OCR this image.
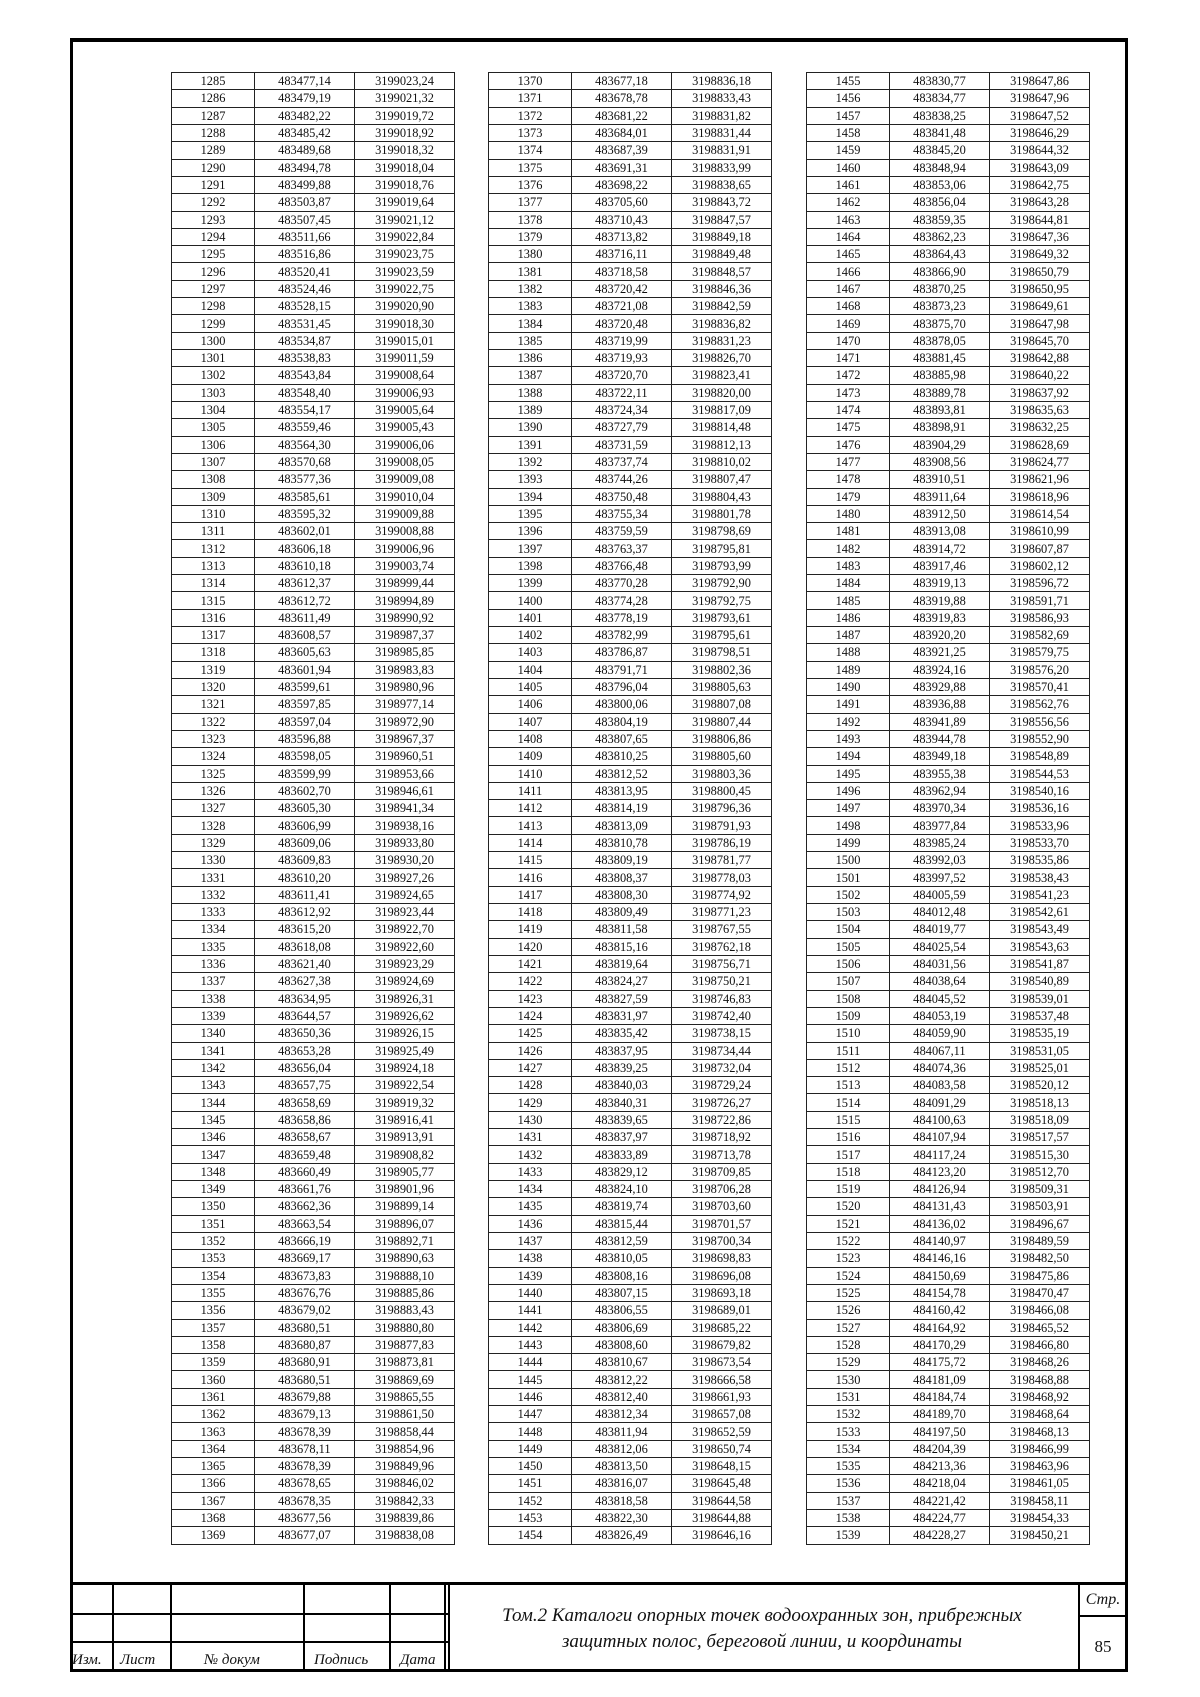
1285	483477,14	3199023,24
1286	483479,19	3199021,32
1287	483482,22	3199019,72
1288	483485,42	3199018,92
1289	483489,68	3199018,32
1290	483494,78	3199018,04
1291	483499,88	3199018,76
1292	483503,87	3199019,64
1293	483507,45	3199021,12
1294	483511,66	3199022,84
1295	483516,86	3199023,75
1296	483520,41	3199023,59
1297	483524,46	3199022,75
1298	483528,15	3199020,90
1299	483531,45	3199018,30
1300	483534,87	3199015,01
1301	483538,83	3199011,59
1302	483543,84	3199008,64
1303	483548,40	3199006,93
1304	483554,17	3199005,64
1305	483559,46	3199005,43
1306	483564,30	3199006,06
1307	483570,68	3199008,05
1308	483577,36	3199009,08
1309	483585,61	3199010,04
1310	483595,32	3199009,88
1311	483602,01	3199008,88
1312	483606,18	3199006,96
1313	483610,18	3199003,74
1314	483612,37	3198999,44
1315	483612,72	3198994,89
1316	483611,49	3198990,92
1317	483608,57	3198987,37
1318	483605,63	3198985,85
1319	483601,94	3198983,83
1320	483599,61	3198980,96
1321	483597,85	3198977,14
1322	483597,04	3198972,90
1323	483596,88	3198967,37
1324	483598,05	3198960,51
1325	483599,99	3198953,66
1326	483602,70	3198946,61
1327	483605,30	3198941,34
1328	483606,99	3198938,16
1329	483609,06	3198933,80
1330	483609,83	3198930,20
1331	483610,20	3198927,26
1332	483611,41	3198924,65
1333	483612,92	3198923,44
1334	483615,20	3198922,70
1335	483618,08	3198922,60
1336	483621,40	3198923,29
1337	483627,38	3198924,69
1338	483634,95	3198926,31
1339	483644,57	3198926,62
1340	483650,36	3198926,15
1341	483653,28	3198925,49
1342	483656,04	3198924,18
1343	483657,75	3198922,54
1344	483658,69	3198919,32
1345	483658,86	3198916,41
1346	483658,67	3198913,91
1347	483659,48	3198908,82
1348	483660,49	3198905,77
1349	483661,76	3198901,96
1350	483662,36	3198899,14
1351	483663,54	3198896,07
1352	483666,19	3198892,71
1353	483669,17	3198890,63
1354	483673,83	3198888,10
1355	483676,76	3198885,86
1356	483679,02	3198883,43
1357	483680,51	3198880,80
1358	483680,87	3198877,83
1359	483680,91	3198873,81
1360	483680,51	3198869,69
1361	483679,88	3198865,55
1362	483679,13	3198861,50
1363	483678,39	3198858,44
1364	483678,11	3198854,96
1365	483678,39	3198849,96
1366	483678,65	3198846,02
1367	483678,35	3198842,33
1368	483677,56	3198839,86
1369	483677,07	3198838,08
1370	483677,18	3198836,18
1371	483678,78	3198833,43
1372	483681,22	3198831,82
1373	483684,01	3198831,44
1374	483687,39	3198831,91
1375	483691,31	3198833,99
1376	483698,22	3198838,65
1377	483705,60	3198843,72
1378	483710,43	3198847,57
1379	483713,82	3198849,18
1380	483716,11	3198849,48
1381	483718,58	3198848,57
1382	483720,42	3198846,36
1383	483721,08	3198842,59
1384	483720,48	3198836,82
1385	483719,99	3198831,23
1386	483719,93	3198826,70
1387	483720,70	3198823,41
1388	483722,11	3198820,00
1389	483724,34	3198817,09
1390	483727,79	3198814,48
1391	483731,59	3198812,13
1392	483737,74	3198810,02
1393	483744,26	3198807,47
1394	483750,48	3198804,43
1395	483755,34	3198801,78
1396	483759,59	3198798,69
1397	483763,37	3198795,81
1398	483766,48	3198793,99
1399	483770,28	3198792,90
1400	483774,28	3198792,75
1401	483778,19	3198793,61
1402	483782,99	3198795,61
1403	483786,87	3198798,51
1404	483791,71	3198802,36
1405	483796,04	3198805,63
1406	483800,06	3198807,08
1407	483804,19	3198807,44
1408	483807,65	3198806,86
1409	483810,25	3198805,60
1410	483812,52	3198803,36
1411	483813,95	3198800,45
1412	483814,19	3198796,36
1413	483813,09	3198791,93
1414	483810,78	3198786,19
1415	483809,19	3198781,77
1416	483808,37	3198778,03
1417	483808,30	3198774,92
1418	483809,49	3198771,23
1419	483811,58	3198767,55
1420	483815,16	3198762,18
1421	483819,64	3198756,71
1422	483824,27	3198750,21
1423	483827,59	3198746,83
1424	483831,97	3198742,40
1425	483835,42	3198738,15
1426	483837,95	3198734,44
1427	483839,25	3198732,04
1428	483840,03	3198729,24
1429	483840,31	3198726,27
1430	483839,65	3198722,86
1431	483837,97	3198718,92
1432	483833,89	3198713,78
1433	483829,12	3198709,85
1434	483824,10	3198706,28
1435	483819,74	3198703,60
1436	483815,44	3198701,57
1437	483812,59	3198700,34
1438	483810,05	3198698,83
1439	483808,16	3198696,08
1440	483807,15	3198693,18
1441	483806,55	3198689,01
1442	483806,69	3198685,22
1443	483808,60	3198679,82
1444	483810,67	3198673,54
1445	483812,22	3198666,58
1446	483812,40	3198661,93
1447	483812,34	3198657,08
1448	483811,94	3198652,59
1449	483812,06	3198650,74
1450	483813,50	3198648,15
1451	483816,07	3198645,48
1452	483818,58	3198644,58
1453	483822,30	3198644,88
1454	483826,49	3198646,16
1455	483830,77	3198647,86
1456	483834,77	3198647,96
1457	483838,25	3198647,52
1458	483841,48	3198646,29
1459	483845,20	3198644,32
1460	483848,94	3198643,09
1461	483853,06	3198642,75
1462	483856,04	3198643,28
1463	483859,35	3198644,81
1464	483862,23	3198647,36
1465	483864,43	3198649,32
1466	483866,90	3198650,79
1467	483870,25	3198650,95
1468	483873,23	3198649,61
1469	483875,70	3198647,98
1470	483878,05	3198645,70
1471	483881,45	3198642,88
1472	483885,98	3198640,22
1473	483889,78	3198637,92
1474	483893,81	3198635,63
1475	483898,91	3198632,25
1476	483904,29	3198628,69
1477	483908,56	3198624,77
1478	483910,51	3198621,96
1479	483911,64	3198618,96
1480	483912,50	3198614,54
1481	483913,08	3198610,99
1482	483914,72	3198607,87
1483	483917,46	3198602,12
1484	483919,13	3198596,72
1485	483919,88	3198591,71
1486	483919,83	3198586,93
1487	483920,20	3198582,69
1488	483921,25	3198579,75
1489	483924,16	3198576,20
1490	483929,88	3198570,41
1491	483936,88	3198562,76
1492	483941,89	3198556,56
1493	483944,78	3198552,90
1494	483949,18	3198548,89
1495	483955,38	3198544,53
1496	483962,94	3198540,16
1497	483970,34	3198536,16
1498	483977,84	3198533,96
1499	483985,24	3198533,70
1500	483992,03	3198535,86
1501	483997,52	3198538,43
1502	484005,59	3198541,23
1503	484012,48	3198542,61
1504	484019,77	3198543,49
1505	484025,54	3198543,63
1506	484031,56	3198541,87
1507	484038,64	3198540,89
1508	484045,52	3198539,01
1509	484053,19	3198537,48
1510	484059,90	3198535,19
1511	484067,11	3198531,05
1512	484074,36	3198525,01
1513	484083,58	3198520,12
1514	484091,29	3198518,13
1515	484100,63	3198518,09
1516	484107,94	3198517,57
1517	484117,24	3198515,30
1518	484123,20	3198512,70
1519	484126,94	3198509,31
1520	484131,43	3198503,91
1521	484136,02	3198496,67
1522	484140,97	3198489,59
1523	484146,16	3198482,50
1524	484150,69	3198475,86
1525	484154,78	3198470,47
1526	484160,42	3198466,08
1527	484164,92	3198465,52
1528	484170,29	3198466,80
1529	484175,72	3198468,26
1530	484181,09	3198468,88
1531	484184,74	3198468,92
1532	484189,70	3198468,64
1533	484197,50	3198468,13
1534	484204,39	3198466,99
1535	484213,36	3198463,96
1536	484218,04	3198461,05
1537	484221,42	3198458,11
1538	484224,77	3198454,33
1539	484228,27	3198450,21
Изм. Лист	№ докум	Подпись Дата
Том.2 Каталоги опорных точек водоохранных зон, прибрежных
защитных полос, береговой линии, и координаты
Стр.
85
